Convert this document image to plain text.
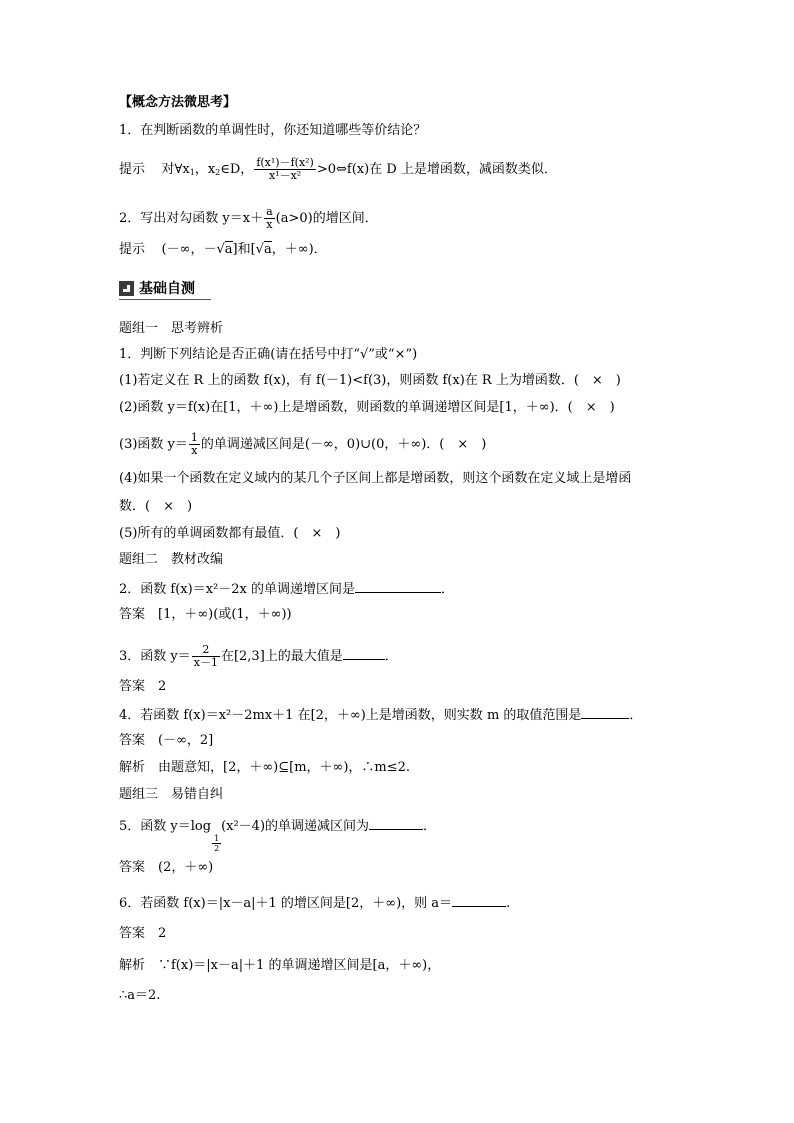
【概念方法微思考】
1．在判断函数的单调性时，你还知道哪些等价结论？
提示 对$\forall x_1$，$x_2\in D$， $\frac{\text{f(x¹)－f(x²)}}{\text{x¹－x²}}$ >0⇔f(x)在 D 上是增函数，减函数类似．
2．写出对勾函数 $y=x+ \frac{a}{x} (a>0)$的增区间．
提示 (－∞，－√a]和[√a，＋∞)．
基础自测
题组一　思考辨析
1．判断下列结论是否正确(请在括号中打“√”或“×”)
(1)若定义在 R 上的函数 f(x)，有 f(－1)<f(3)，则函数 f(x)在 R 上为增函数．(　×　)
(2)函数 y＝f(x)在[1，＋∞)上是增函数，则函数的单调递增区间是[1，＋∞)．(　×　)
(3)函数 $y= \frac{1}{x}$ 的单调递减区间是(－∞，0)∪(0，＋∞)．(　×　)
(4)如果一个函数在定义域内的某几个子区间上都是增函数，则这个函数在定义域上是增函
数．(　×　)
(5)所有的单调函数都有最值．(　×　)
题组二　教材改编
2．函数 f(x)＝x²－2x 的单调递增区间是	．
答案　[1，＋∞)(或(1，＋∞))
3．函数 $y= \frac{2}{x-1}$ 在[2,3]上的最大值是	．
答案　2
4．若函数 f(x)＝x²－2mx＋1 在[2，＋∞)上是增函数，则实数 m 的取值范围是	．
答案　(－∞，2]
解析　由题意知，[2，＋∞)⊆[m，＋∞)，∴m≤2.
题组三　易错自纠
5．函数 y＝log
$\frac{1}{2}$
(x²－4)的单调递减区间为	．
答案　(2，＋∞)
6．若函数 f(x)＝|x－a|＋1 的增区间是[2，＋∞)，则 a＝	.
答案　2
解析　∵f(x)＝|x－a|＋1 的单调递增区间是[a，＋∞)，
∴a＝2.
